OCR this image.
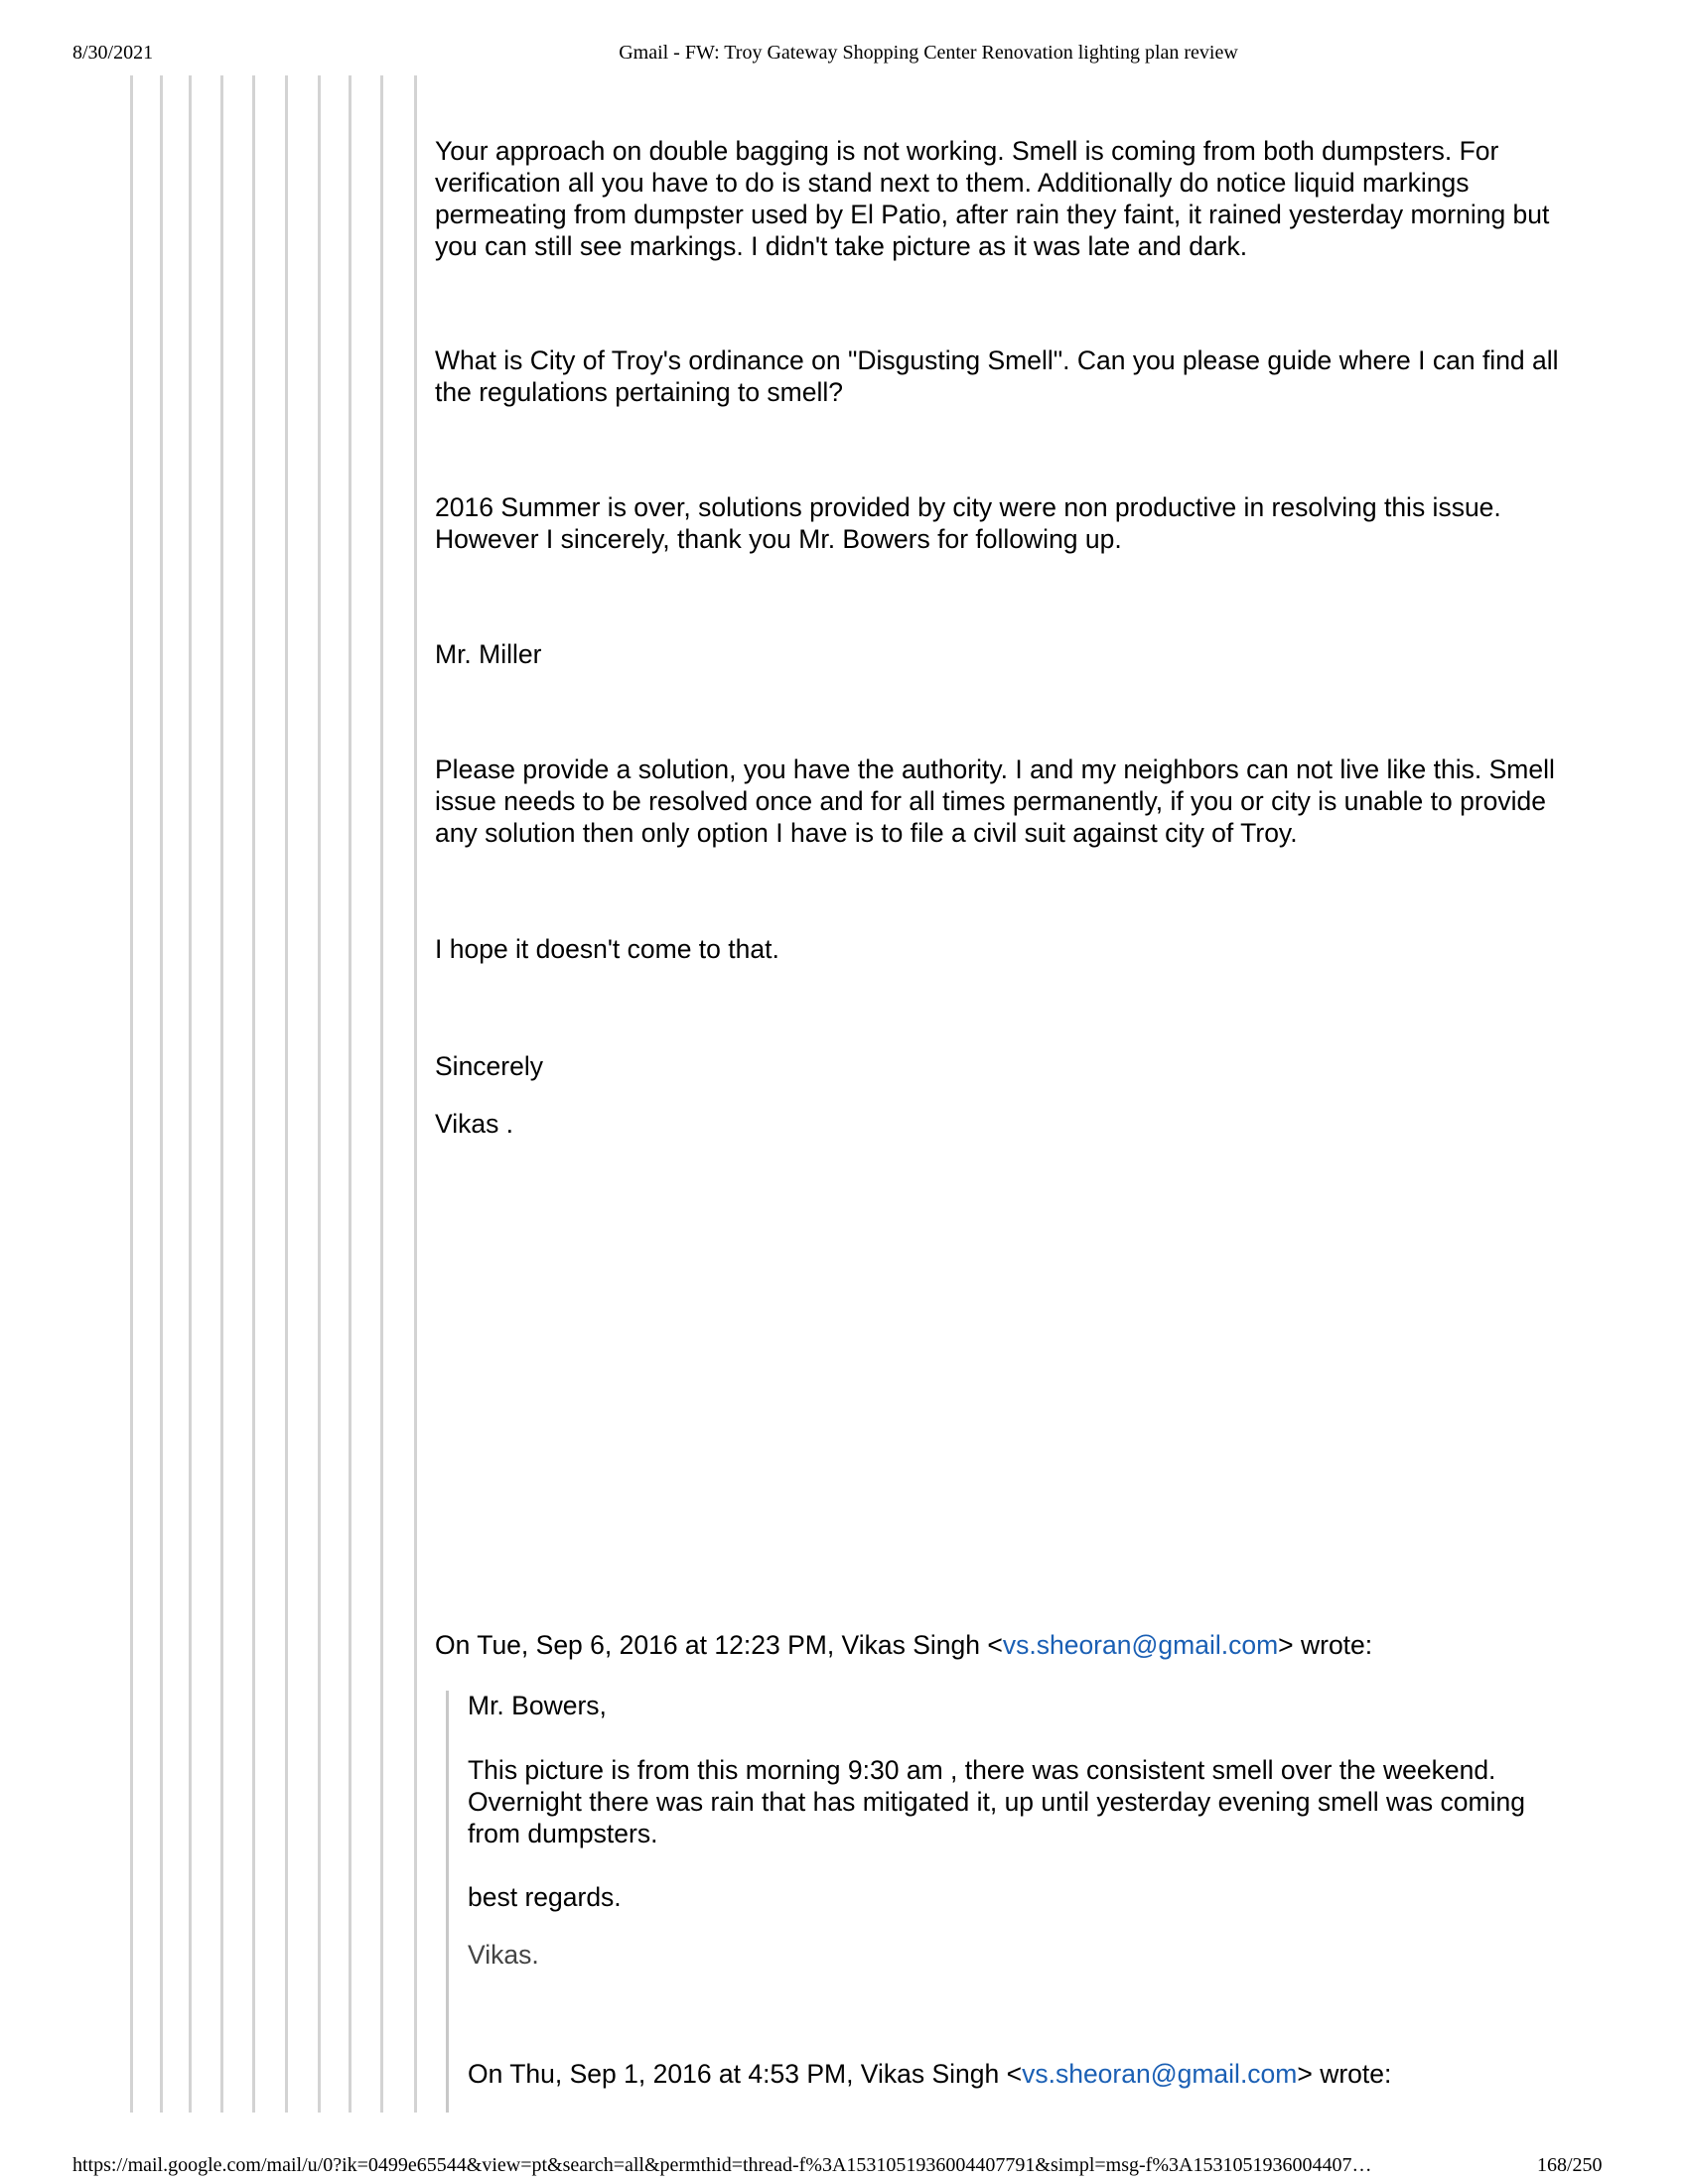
8/30/2021	Gmail - FW: Troy Gateway Shopping Center Renovation lighting plan review

Your approach on double bagging is not working. Smell is coming from both dumpsters. For verification all you have to do is stand next to them. Additionally do notice liquid markings permeating from dumpster used by El Patio, after rain they faint, it rained yesterday morning but you can still see markings. I didn't take picture as it was late and dark.

What is City of Troy's ordinance on "Disgusting Smell". Can you please guide where I can find all the regulations pertaining to smell?

2016 Summer is over, solutions provided by city were non productive in resolving this issue. However I sincerely, thank you Mr. Bowers for following up.

Mr. Miller

Please provide a solution, you have the authority. I and my neighbors can not live like this. Smell issue needs to be resolved once and for all times permanently, if you or city is unable to provide any solution then only option I have is to file a civil suit against city of Troy.

I hope it doesn't come to that.

Sincerely

Vikas .

On Tue, Sep 6, 2016 at 12:23 PM, Vikas Singh <vs.sheoran@gmail.com> wrote:

Mr. Bowers,

This picture is from this morning 9:30 am , there was consistent smell over the weekend. Overnight there was rain that has mitigated it, up until yesterday evening smell was coming from dumpsters.

best regards.

Vikas.

On Thu, Sep 1, 2016 at 4:53 PM, Vikas Singh <vs.sheoran@gmail.com> wrote:
https://mail.google.com/mail/u/0?ik=0499e65544&view=pt&search=all&permthid=thread-f%3A1531051936004407791&simpl=msg-f%3A1531051936004407…	168/250
